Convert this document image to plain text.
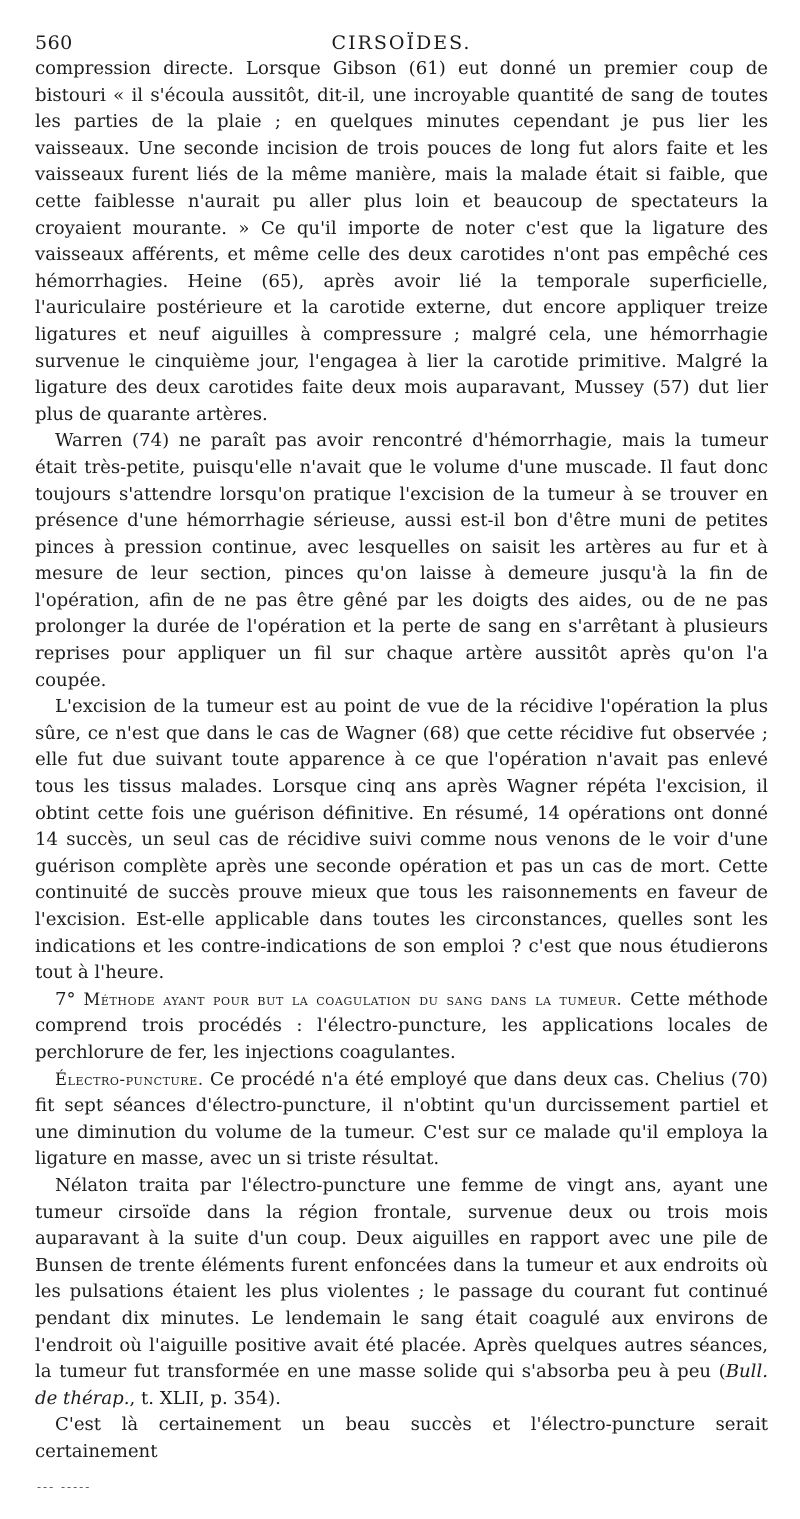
560	CIRSOÏDES.

compression directe. Lorsque Gibson (61) eut donné un premier coup de bistouri « il s'écoula aussitôt, dit-il, une incroyable quantité de sang de toutes les parties de la plaie ; en quelques minutes cependant je pus lier les vaisseaux. Une seconde incision de trois pouces de long fut alors faite et les vaisseaux furent liés de la même manière, mais la malade était si faible, que cette faiblesse n'aurait pu aller plus loin et beaucoup de spectateurs la croyaient mourante. » Ce qu'il importe de noter c'est que la ligature des vaisseaux afférents, et même celle des deux carotides n'ont pas empêché ces hémorrhagies. Heine (65), après avoir lié la temporale superficielle, l'auriculaire postérieure et la carotide externe, dut encore appliquer treize ligatures et neuf aiguilles à compressure ; malgré cela, une hémorrhagie survenue le cinquième jour, l'engagea à lier la carotide primitive. Malgré la ligature des deux carotides faite deux mois auparavant, Mussey (57) dut lier plus de quarante artères.

Warren (74) ne paraît pas avoir rencontré d'hémorrhagie, mais la tumeur était très-petite, puisqu'elle n'avait que le volume d'une muscade. Il faut donc toujours s'attendre lorsqu'on pratique l'excision de la tumeur à se trouver en présence d'une hémorrhagie sérieuse, aussi est-il bon d'être muni de petites pinces à pression continue, avec lesquelles on saisit les artères au fur et à mesure de leur section, pinces qu'on laisse à demeure jusqu'à la fin de l'opération, afin de ne pas être gêné par les doigts des aides, ou de ne pas prolonger la durée de l'opération et la perte de sang en s'arrêtant à plusieurs reprises pour appliquer un fil sur chaque artère aussitôt après qu'on l'a coupée.

L'excision de la tumeur est au point de vue de la récidive l'opération la plus sûre, ce n'est que dans le cas de Wagner (68) que cette récidive fut observée ; elle fut due suivant toute apparence à ce que l'opération n'avait pas enlevé tous les tissus malades. Lorsque cinq ans après Wagner répéta l'excision, il obtint cette fois une guérison définitive. En résumé, 14 opérations ont donné 14 succès, un seul cas de récidive suivi comme nous venons de le voir d'une guérison complète après une seconde opération et pas un cas de mort. Cette continuité de succès prouve mieux que tous les raisonnements en faveur de l'excision. Est-elle applicable dans toutes les circonstances, quelles sont les indications et les contre-indications de son emploi ? c'est que nous étudierons tout à l'heure.

7° Méthode ayant pour but la coagulation du sang dans la tumeur. Cette méthode comprend trois procédés : l'électro-puncture, les applications locales de perchlorure de fer, les injections coagulantes.

Électro-puncture. Ce procédé n'a été employé que dans deux cas. Chelius (70) fit sept séances d'électro-puncture, il n'obtint qu'un durcissement partiel et une diminution du volume de la tumeur. C'est sur ce malade qu'il employa la ligature en masse, avec un si triste résultat.

Nélaton traita par l'électro-puncture une femme de vingt ans, ayant une tumeur cirsoïde dans la région frontale, survenue deux ou trois mois auparavant à la suite d'un coup. Deux aiguilles en rapport avec une pile de Bunsen de trente éléments furent enfoncées dans la tumeur et aux endroits où les pulsations étaient les plus violentes ; le passage du courant fut continué pendant dix minutes. Le lendemain le sang était coagulé aux environs de l'endroit où l'aiguille positive avait été placée. Après quelques autres séances, la tumeur fut transformée en une masse solide qui s'absorba peu à peu (Bull. de thérap., t. XLII, p. 354).

C'est là certainement un beau succès et l'électro-puncture serait certainement

--- -----
